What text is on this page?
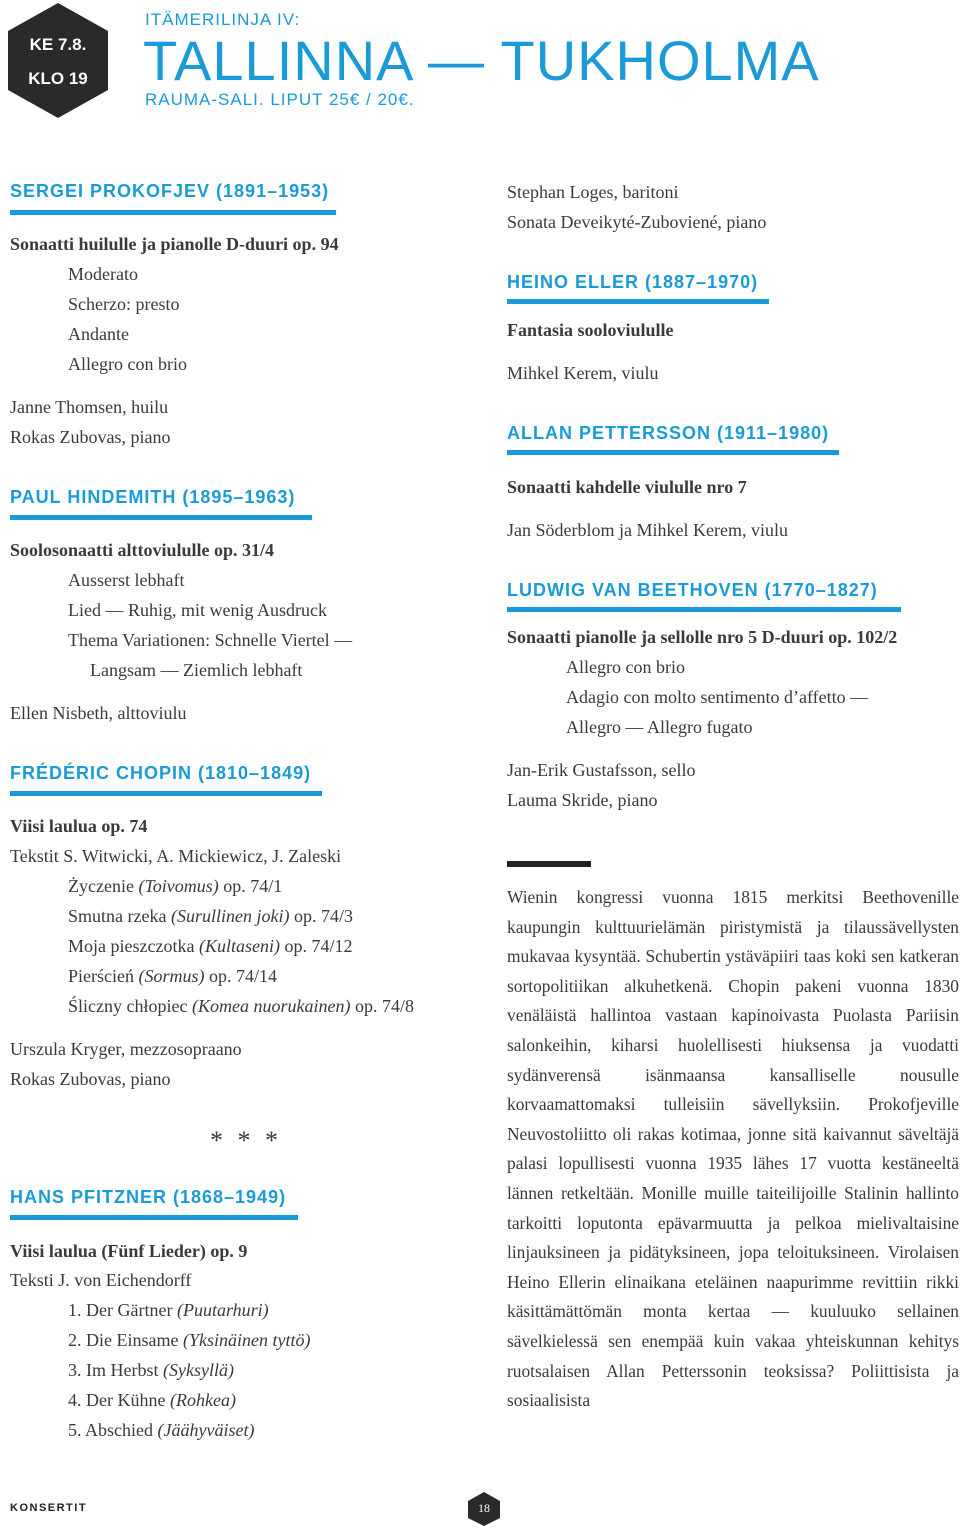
KE 7.8.
KLO 19
ITÄMERILINJA IV:
TALLINNA — TUKHOLMA
RAUMA-SALI. LIPUT 25€ / 20€.
SERGEI PROKOFJEV (1891–1953)
Sonaatti huilulle ja pianolle D-duuri op. 94
Moderato
Scherzo: presto
Andante
Allegro con brio
Janne Thomsen, huilu
Rokas Zubovas, piano
PAUL HINDEMITH (1895–1963)
Soolosonaatti alttoviululle op. 31/4
Ausserst lebhaft
Lied — Ruhig, mit wenig Ausdruck
Thema Variationen: Schnelle Viertel —
Langsam — Ziemlich lebhaft
Ellen Nisbeth, alttoviulu
FRÉDÉRIC CHOPIN (1810–1849)
Viisi laulua op. 74
Tekstit S. Witwicki, A. Mickiewicz, J. Zaleski
Życzenie (Toivomus) op. 74/1
Smutna rzeka (Surullinen joki) op. 74/3
Moja pieszczotka (Kultaseni) op. 74/12
Pierścień (Sormus) op. 74/14
Śliczny chłopiec (Komea nuorukainen) op. 74/8
Urszula Kryger, mezzosopraano
Rokas Zubovas, piano
* * *
HANS PFITZNER (1868–1949)
Viisi laulua (Fünf Lieder) op. 9
Teksti J. von Eichendorff
1. Der Gärtner (Puutarhuri)
2. Die Einsame (Yksinäinen tyttö)
3. Im Herbst (Syksyllä)
4. Der Kühne (Rohkea)
5. Abschied (Jäähyväiset)
Stephan Loges, baritoni
Sonata Deveikyté-Zuboviené, piano
HEINO ELLER (1887–1970)
Fantasia sooloviululle
Mihkel Kerem, viulu
ALLAN PETTERSSON (1911–1980)
Sonaatti kahdelle viululle nro 7
Jan Söderblom ja Mihkel Kerem, viulu
LUDWIG VAN BEETHOVEN (1770–1827)
Sonaatti pianolle ja sellolle nro 5 D-duuri op. 102/2
Allegro con brio
Adagio con molto sentimento d’affetto —
Allegro — Allegro fugato
Jan-Erik Gustafsson, sello
Lauma Skride, piano
Wienin kongressi vuonna 1815 merkitsi Beethovenille kaupungin kulttuurielämän piristymistä ja tilaussävellysten mukavaa kysyntää. Schubertin ystäväpiiri taas koki sen katkeran sortopolitiikan alkuhetkenä. Chopin pakeni vuonna 1830 venäläistä hallintoa vastaan kapinoivasta Puolasta Pariisin salonkeihin, kiharsi huolellisesti hiuksensa ja vuodatti sydänverensä isänmaansa kansalliselle nousulle korvaamattomaksi tulleisiin sävellyksiin. Prokofjeville Neuvostoliitto oli rakas kotimaa, jonne sitä kaivannut säveltäjä palasi lopullisesti vuonna 1935 lähes 17 vuotta kestäneeltä lännen retkeltään. Monille muille taiteilijoille Stalinin hallinto tarkoitti loputonta epävarmuutta ja pelkoa mielivaltaisine linjauksineen ja pidätyksineen, jopa teloituksineen. Virolaisen Heino Ellerin elinaikana eteläinen naapurimme revittiin rikki käsittämättömän monta kertaa — kuuluuko sellainen sävelkielessä sen enempää kuin vakaa yhteiskunnan kehitys ruotsalaisen Allan Petterssonin teoksissa? Poliittisista ja sosiaalisista
KONSERTIT	18
